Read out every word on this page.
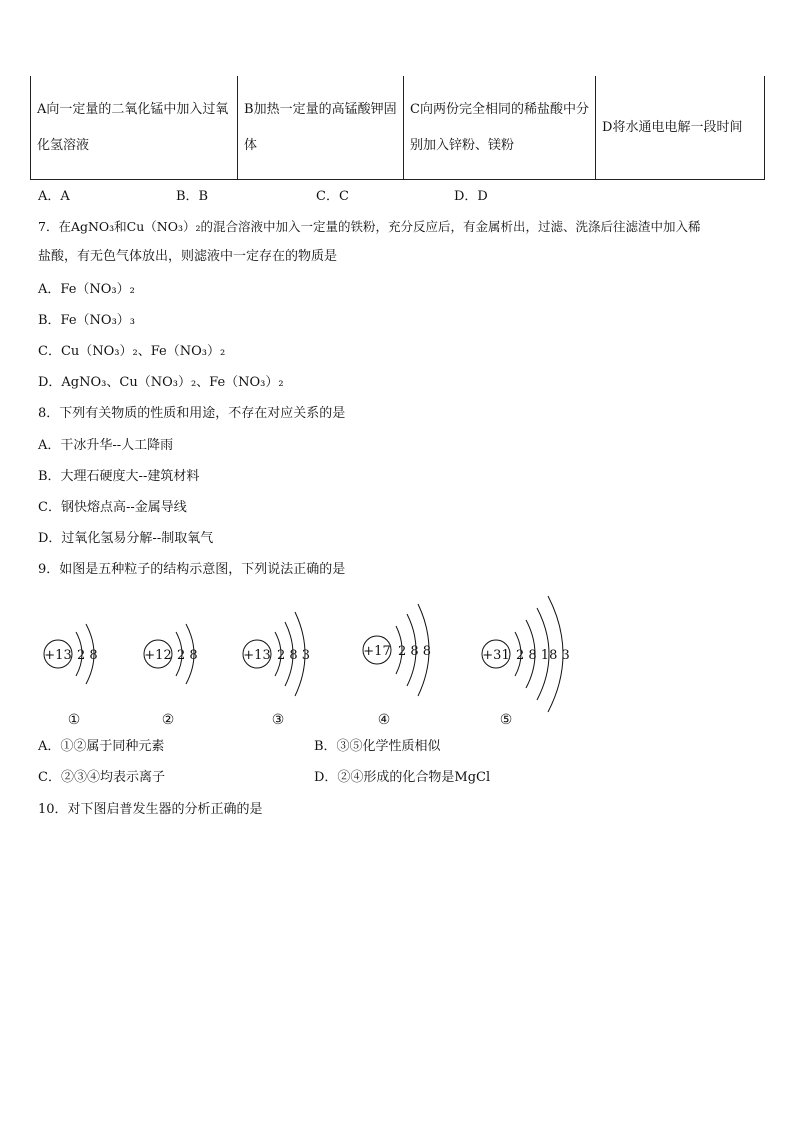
A向一定量的二氧化锰中加入过氧化氢溶液	B加热一定量的高锰酸钾固体	C向两份完全相同的稀盐酸中分别加入锌粉、镁粉	D将水通电电解一段时间
A．A	B．B	C．C	D．D
7．在AgNO₃和Cu（NO₃）₂的混合溶液中加入一定量的铁粉，充分反应后，有金属析出，过滤、洗涤后往滤渣中加入稀
盐酸，有无色气体放出，则滤液中一定存在的物质是
A．Fe（NO₃）₂
B．Fe（NO₃）₃
C．Cu（NO₃）₂、Fe（NO₃）₂
D．AgNO₃、Cu（NO₃）₂、Fe（NO₃）₂
8．下列有关物质的性质和用途，不存在对应关系的是
A．干冰升华--人工降雨
B．大理石硬度大--建筑材料
C．钢快熔点高--金属导线
D．过氧化氢易分解--制取氧气
9．如图是五种粒子的结构示意图，下列说法正确的是
+13 2 8
①
+12 2 8
②
+13 2 8 3
③
+17 2 8 8
④
+31 2 8 18 3
⑤
A．①②属于同种元素	B．③⑤化学性质相似
C．②③④均表示离子	D．②④形成的化合物是MgCl
10．对下图启普发生器的分析正确的是
